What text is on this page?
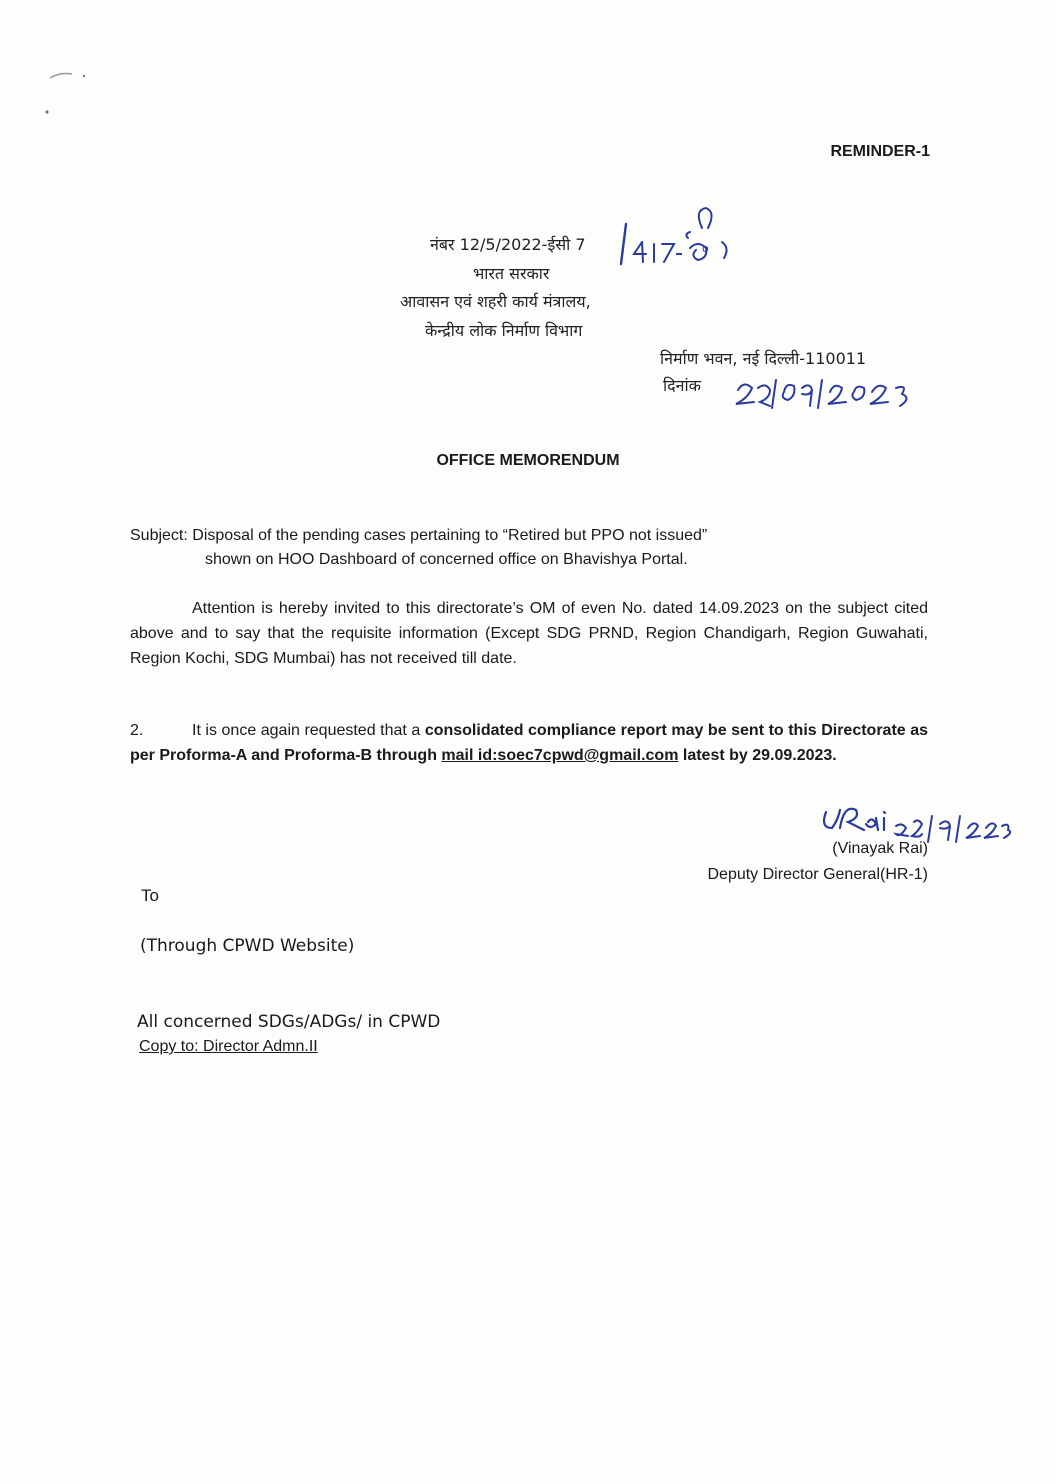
REMINDER-1
नंबर 12/5/2022-ईसी 7	o
भारत सरकार
आवासन एवं शहरी कार्य मंत्रालय,
केन्द्रीय लोक निर्माण विभाग
निर्माण भवन, नई दिल्ली-110011
दिनांक
OFFICE MEMORENDUM
Subject: Disposal of the pending cases pertaining to “Retired but PPO not issued”
shown on HOO Dashboard of concerned office on Bhavishya Portal.
Attention is hereby invited to this directorate’s OM of even No. dated 14.09.2023 on the subject cited above and to say that the requisite information (Except SDG PRND, Region Chandigarh, Region Guwahati, Region Kochi, SDG Mumbai) has not received till date.
2.	It is once again requested that a consolidated compliance report may be sent to this Directorate as per Proforma-A and Proforma-B through mail id:soec7cpwd@gmail.com latest by 29.09.2023.
(Vinayak Rai)
Deputy Director General(HR-1)
To
(Through CPWD Website)
All concerned SDGs/ADGs/ in CPWD
Copy to: Director Admn.II
